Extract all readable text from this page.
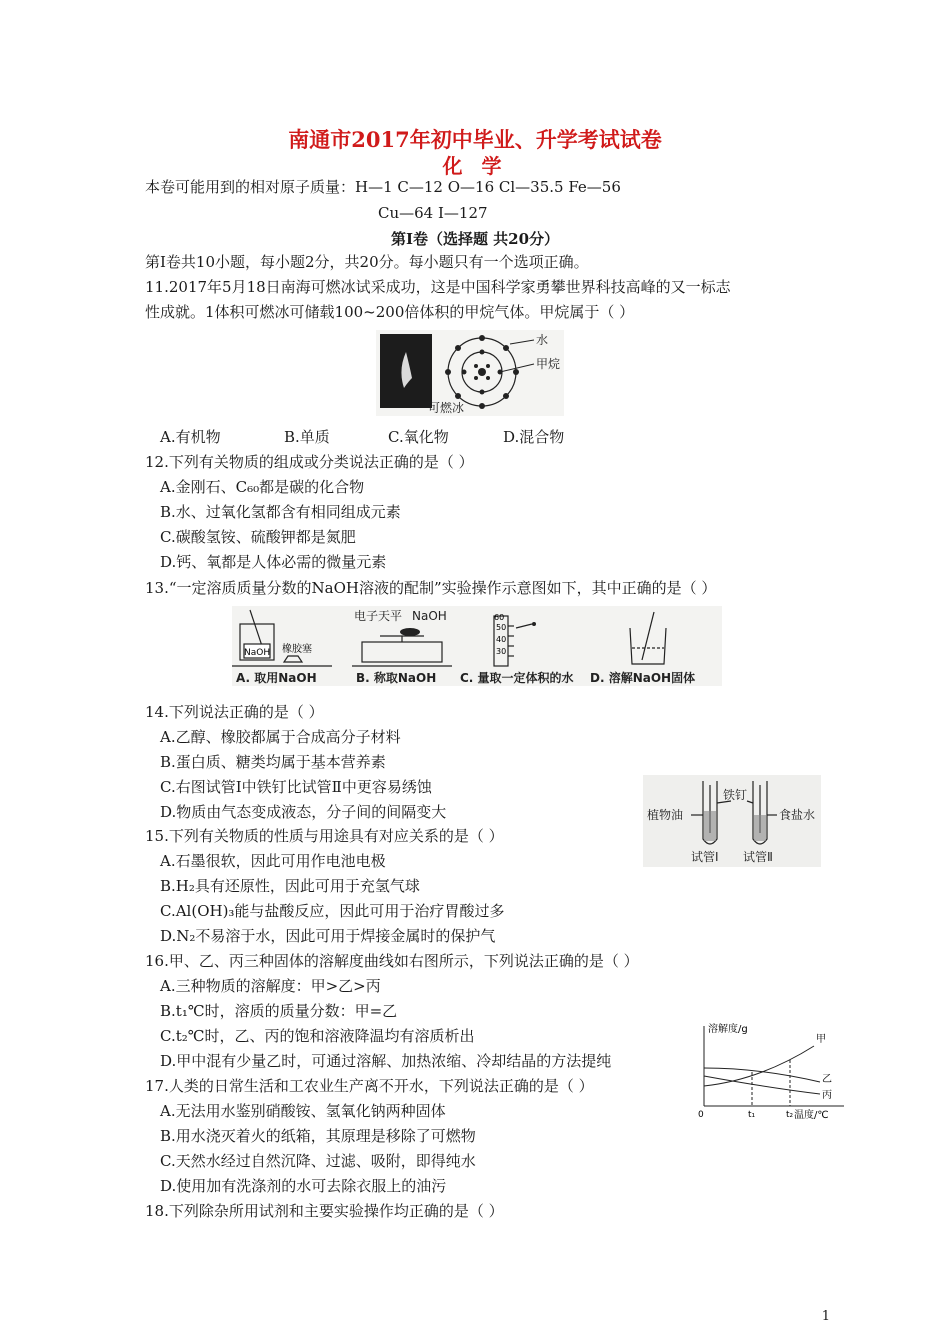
南通市2017年初中毕业、升学考试试卷
化 学
本卷可能用到的相对原子质量：H—1 C—12 O—16 Cl—35.5 Fe—56
Cu—64 I—127
第Ⅰ卷（选择题 共20分）
第Ⅰ卷共10小题，每小题2分，共20分。每小题只有一个选项正确。
11.2017年5月18日南海可燃冰试采成功，这是中国科学家勇攀世界科技高峰的又一标志
性成就。1体积可燃冰可储载100~200倍体积的甲烷气体。甲烷属于（ ）
水
甲烷
可燃冰
A.有机物	B.单质	C.氧化物	D.混合物
12.下列有关物质的组成或分类说法正确的是（ ）
A.金刚石、C₆₀都是碳的化合物
B.水、过氧化氢都含有相同组成元素
C.碳酸氢铵、硫酸钾都是氮肥
D.钙、氧都是人体必需的微量元素
13.“一定溶质质量分数的NaOH溶液的配制”实验操作示意图如下，其中正确的是（ ）
NaOH 橡胶塞
A. 取用NaOH
电子天平 NaOH
B. 称取NaOH
60
50
40
30
C. 量取一定体积的水 D. 溶解NaOH固体
14.下列说法正确的是（ ）
A.乙醇、橡胶都属于合成高分子材料
B.蛋白质、糖类均属于基本营养素
C.右图试管Ⅰ中铁钉比试管Ⅱ中更容易绣蚀
D.物质由气态变成液态，分子间的间隔变大	植物油
铁钉
食盐水
试管Ⅰ 试管Ⅱ
15.下列有关物质的性质与用途具有对应关系的是（ ）
A.石墨很软，因此可用作电池电极
B.H₂具有还原性，因此可用于充氢气球
C.Al(OH)₃能与盐酸反应，因此可用于治疗胃酸过多
D.N₂不易溶于水，因此可用于焊接金属时的保护气
16.甲、乙、丙三种固体的溶解度曲线如右图所示，下列说法正确的是（ ）
A.三种物质的溶解度：甲>乙>丙
B.t₁℃时，溶质的质量分数：甲=乙
C.t₂℃时，乙、丙的饱和溶液降温均有溶质析出
D.甲中混有少量乙时，可通过溶解、加热浓缩、冷却结晶的方法提纯
溶解度/g
温度/℃
0	t₁	t₂
甲
乙
丙
17.人类的日常生活和工农业生产离不开水，下列说法正确的是（ ）
A.无法用水鉴别硝酸铵、氢氧化钠两种固体
B.用水浇灭着火的纸箱，其原理是移除了可燃物
C.天然水经过自然沉降、过滤、吸附，即得纯水
D.使用加有洗涤剂的水可去除衣服上的油污
18.下列除杂所用试剂和主要实验操作均正确的是（ ）
1
